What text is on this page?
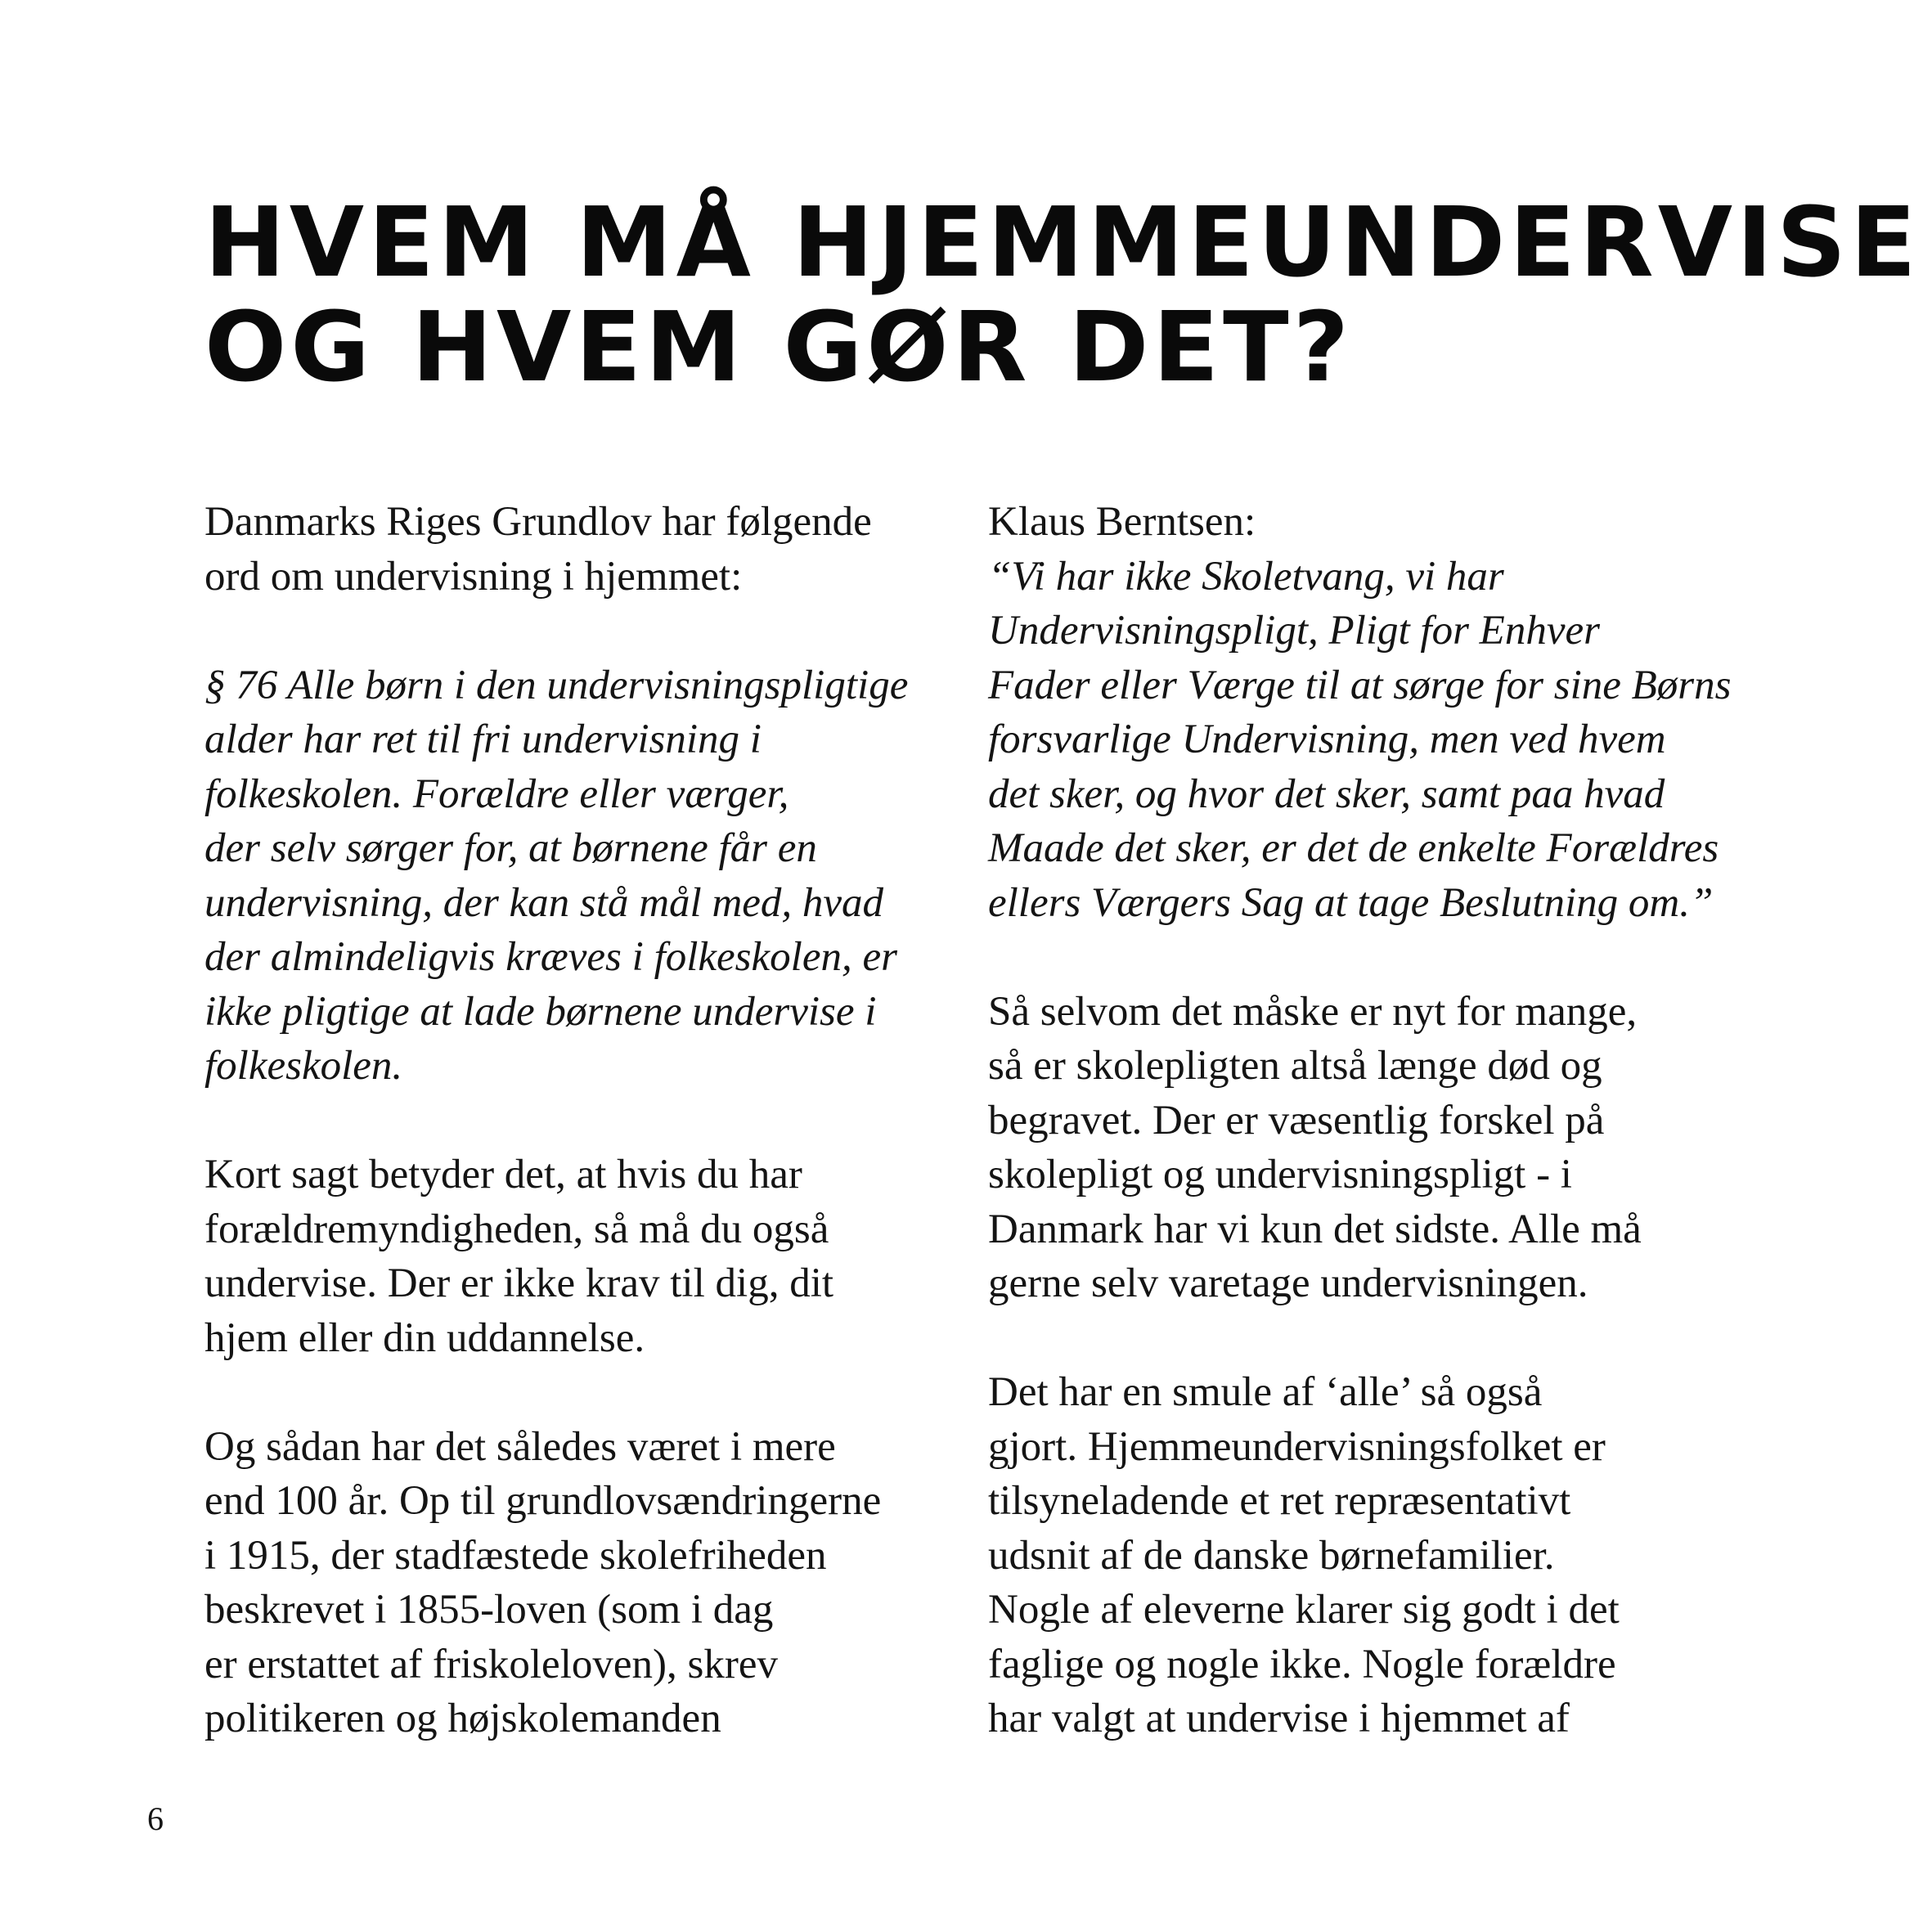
HVEM MÅ HJEMMEUNDERVISE
OG HVEM GØR DET?

Danmarks Riges Grundlov har følgende
ord om undervisning i hjemmet:

§ 76 Alle børn i den undervisningspligtige
alder har ret til fri undervisning i
folkeskolen. Forældre eller værger,
der selv sørger for, at børnene får en
undervisning, der kan stå mål med, hvad
der almindeligvis kræves i folkeskolen, er
ikke pligtige at lade børnene undervise i
folkeskolen.

Kort sagt betyder det, at hvis du har
forældremyndigheden, så må du også
undervise. Der er ikke krav til dig, dit
hjem eller din uddannelse.

Og sådan har det således været i mere
end 100 år. Op til grundlovsændringerne
i 1915, der stadfæstede skolefriheden
beskrevet i 1855-loven (som i dag
er erstattet af friskoleloven), skrev
politikeren og højskolemanden

Klaus Berntsen:
“Vi har ikke Skoletvang, vi har
Undervisningspligt, Pligt for Enhver
Fader eller Værge til at sørge for sine Børns
forsvarlige Undervisning, men ved hvem
det sker, og hvor det sker, samt paa hvad
Maade det sker, er det de enkelte Forældres
ellers Værgers Sag at tage Beslutning om.”

Så selvom det måske er nyt for mange,
så er skolepligten altså længe død og
begravet. Der er væsentlig forskel på
skolepligt og undervisningspligt - i
Danmark har vi kun det sidste. Alle må
gerne selv varetage undervisningen.

Det har en smule af ‘alle’ så også
gjort. Hjemmeundervisningsfolket er
tilsyneladende et ret repræsentativt
udsnit af de danske børnefamilier.
Nogle af eleverne klarer sig godt i det
faglige og nogle ikke. Nogle forældre
har valgt at undervise i hjemmet af

6
